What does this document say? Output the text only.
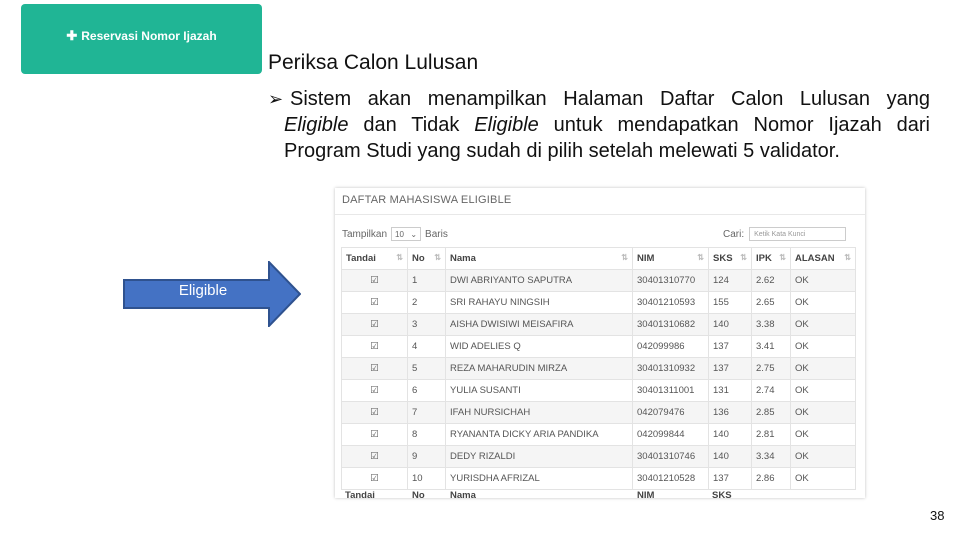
✚ Reservasi Nomor Ijazah
Periksa Calon Lulusan
➢ Sistem akan menampilkan Halaman Daftar Calon Lulusan yang
Eligible dan Tidak Eligible untuk mendapatkan Nomor Ijazah dari
Program Studi yang sudah di pilih setelah melewati 5 validator.
Eligible
DAFTAR MAHASISWA ELIGIBLE
Tampilkan 10 ⌄ Baris	Cari:	Ketik Kata Kunci
Tandai ⇅	No ⇅	Nama ⇅	NIM ⇅	SKS ⇅	IPK ⇅	ALASAN ⇅

☑	1	DWI ABRIYANTO SAPUTRA	30401310770	124	2.62	OK
☑	2	SRI RAHAYU NINGSIH	30401210593	155	2.65	OK
☑	3	AISHA DWISIWI MEISAFIRA	30401310682	140	3.38	OK
☑	4	WID ADELIES Q	042099986	137	3.41	OK
☑	5	REZA MAHARUDIN MIRZA	30401310932	137	2.75	OK
☑	6	YULIA SUSANTI	30401311001	131	2.74	OK
☑	7	IFAH NURSICHAH	042079476	136	2.85	OK
☑	8	RYANANTA DICKY ARIA PANDIKA	042099844	140	2.81	OK
☑	9	DEDY RIZALDI	30401310746	140	3.34	OK
☑	10	YURISDHA AFRIZAL	30401210528	137	2.86	OK
Tandai	No	Nama	NIM	SKS
38
